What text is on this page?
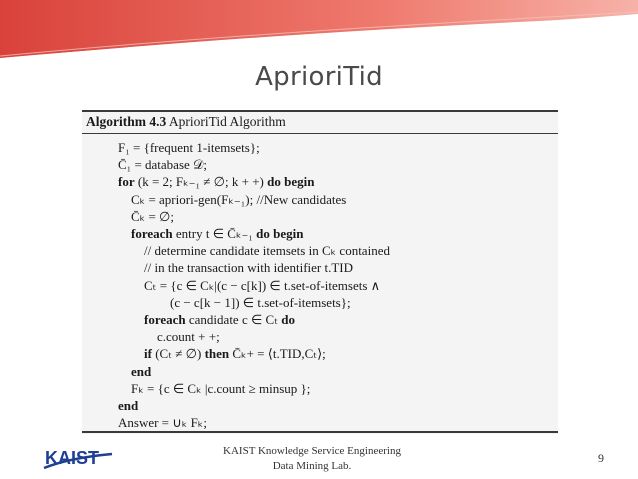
AprioriTid
Algorithm 4.3 AprioriTid Algorithm
F₁ = {frequent 1-itemsets};
C̄₁ = database 𝒟;
for (k = 2; Fₖ₋₁ ≠ ∅; k + +) do begin
Cₖ = apriori-gen(Fₖ₋₁); //New candidates
C̄ₖ = ∅;
foreach entry t ∈ C̄ₖ₋₁ do begin
// determine candidate itemsets in Cₖ contained
// in the transaction with identifier t.TID
Cₜ = {c ∈ Cₖ|(c − c[k]) ∈ t.set-of-itemsets ∧
(c − c[k − 1]) ∈ t.set-of-itemsets};
foreach candidate c ∈ Cₜ do
c.count + +;
if (Cₜ ≠ ∅) then C̄ₖ+ = ⟨t.TID,Cₜ⟩;
end
Fₖ = {c ∈ Cₖ |c.count ≥ minsup };
end
Answer = ∪ₖ Fₖ;
KAIST	KAIST Knowledge Service Engineering
Data Mining Lab.
9
